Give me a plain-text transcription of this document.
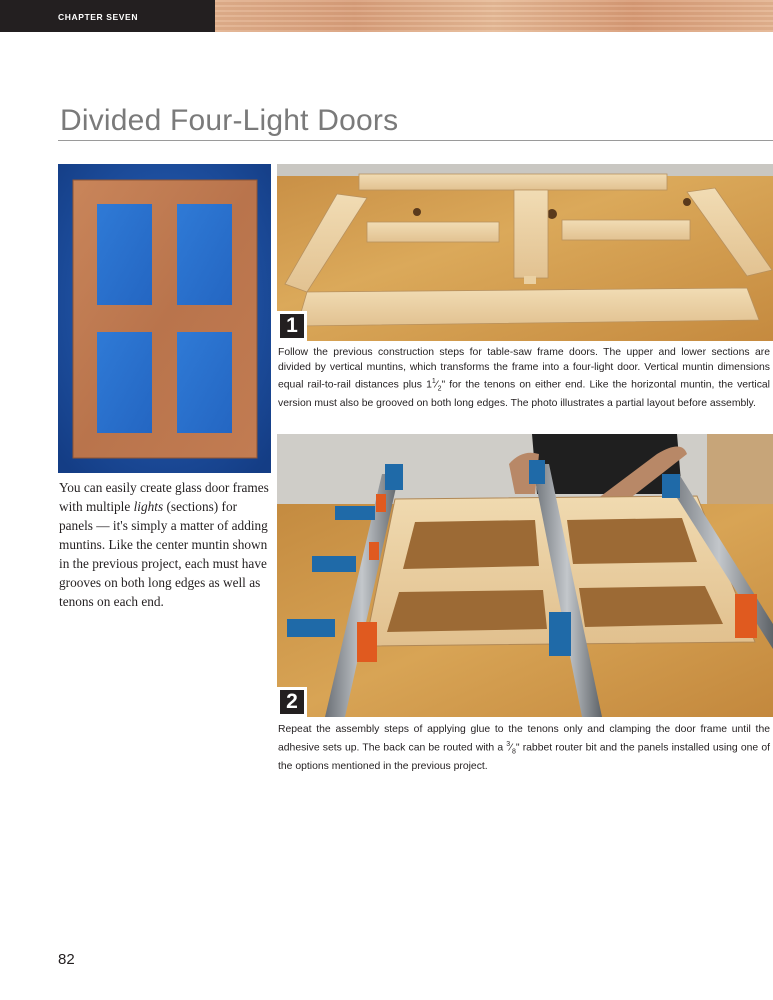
CHAPTER SEVEN
Divided Four-Light Doors

You can easily create glass door frames with multiple lights (sections) for panels — it's simply a matter of adding muntins. Like the center muntin shown in the previous project, each must have grooves on both long edges as well as tenons on each end.

1

Follow the previous construction steps for table-saw frame doors. The upper and lower sections are divided by vertical muntins, which transforms the frame into a four-light door. Vertical muntin dimensions equal rail-to-rail distances plus $1^1⁄_2$" for the tenons on either end. Like the horizontal muntin, the vertical version must also be grooved on both long edges. The photo illustrates a partial layout before assembly.

2

Repeat the assembly steps of applying glue to the tenons only and clamping the door frame until the adhesive sets up. The back can be routed with a $^3⁄_8$" rabbet router bit and the panels installed using one of the options mentioned in the previous project.

82
